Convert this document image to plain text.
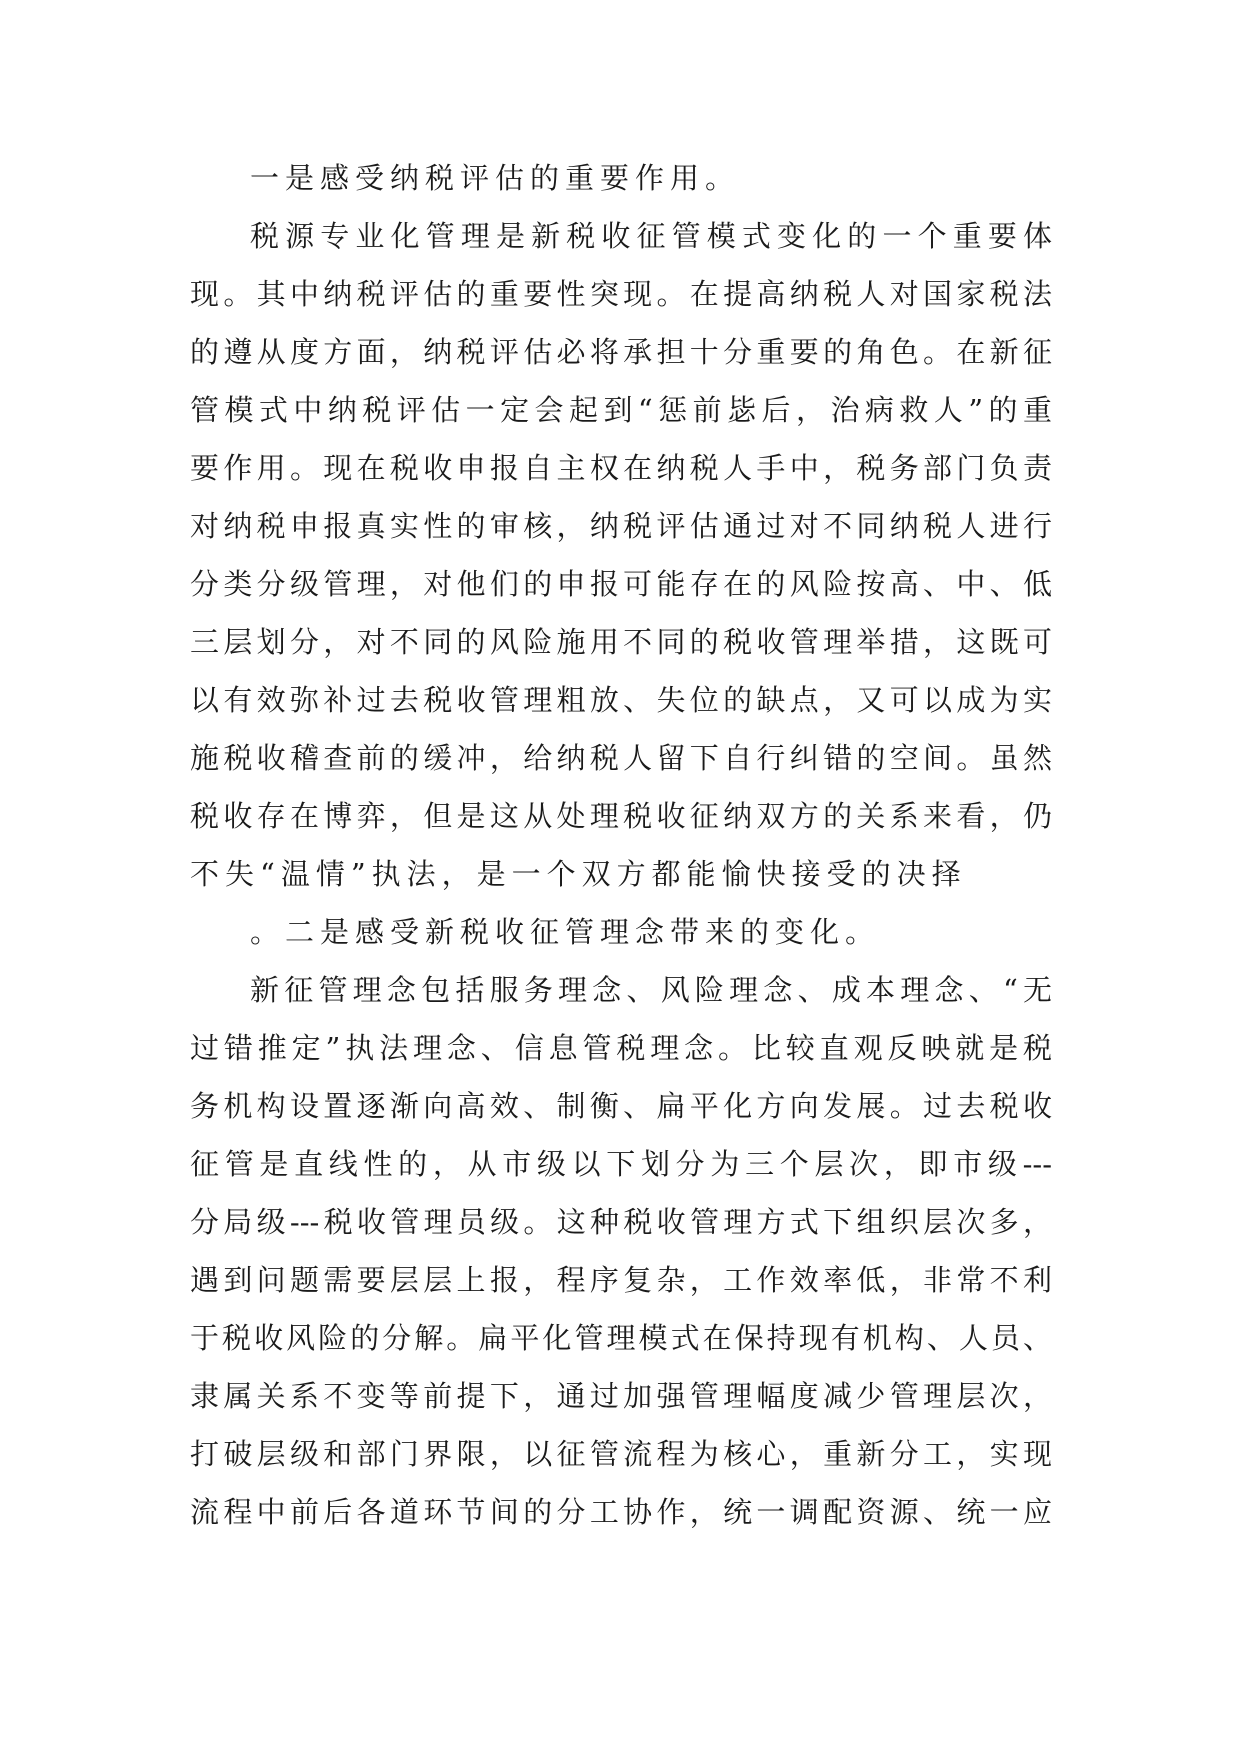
一是感受纳税评估的重要作用。
税源专业化管理是新税收征管模式变化的一个重要体
现。其中纳税评估的重要性突现。在提高纳税人对国家税法
的遵从度方面，纳税评估必将承担十分重要的角色。在新征
管模式中纳税评估一定会起到“惩前毖后，治病救人”的重
要作用。现在税收申报自主权在纳税人手中，税务部门负责
对纳税申报真实性的审核，纳税评估通过对不同纳税人进行
分类分级管理，对他们的申报可能存在的风险按高、中、低
三层划分，对不同的风险施用不同的税收管理举措，这既可
以有效弥补过去税收管理粗放、失位的缺点，又可以成为实
施税收稽查前的缓冲，给纳税人留下自行纠错的空间。虽然
税收存在博弈，但是这从处理税收征纳双方的关系来看，仍
不失“温情”执法，是一个双方都能愉快接受的决择
。二是感受新税收征管理念带来的变化。
新征管理念包括服务理念、风险理念、成本理念、“无
过错推定”执法理念、信息管税理念。比较直观反映就是税
务机构设置逐渐向高效、制衡、扁平化方向发展。过去税收
征管是直线性的，从市级以下划分为三个层次，即市级---
分局级---税收管理员级。这种税收管理方式下组织层次多，
遇到问题需要层层上报，程序复杂，工作效率低，非常不利
于税收风险的分解。扁平化管理模式在保持现有机构、人员、
隶属关系不变等前提下，通过加强管理幅度减少管理层次，
打破层级和部门界限，以征管流程为核心，重新分工，实现
流程中前后各道环节间的分工协作，统一调配资源、统一应
